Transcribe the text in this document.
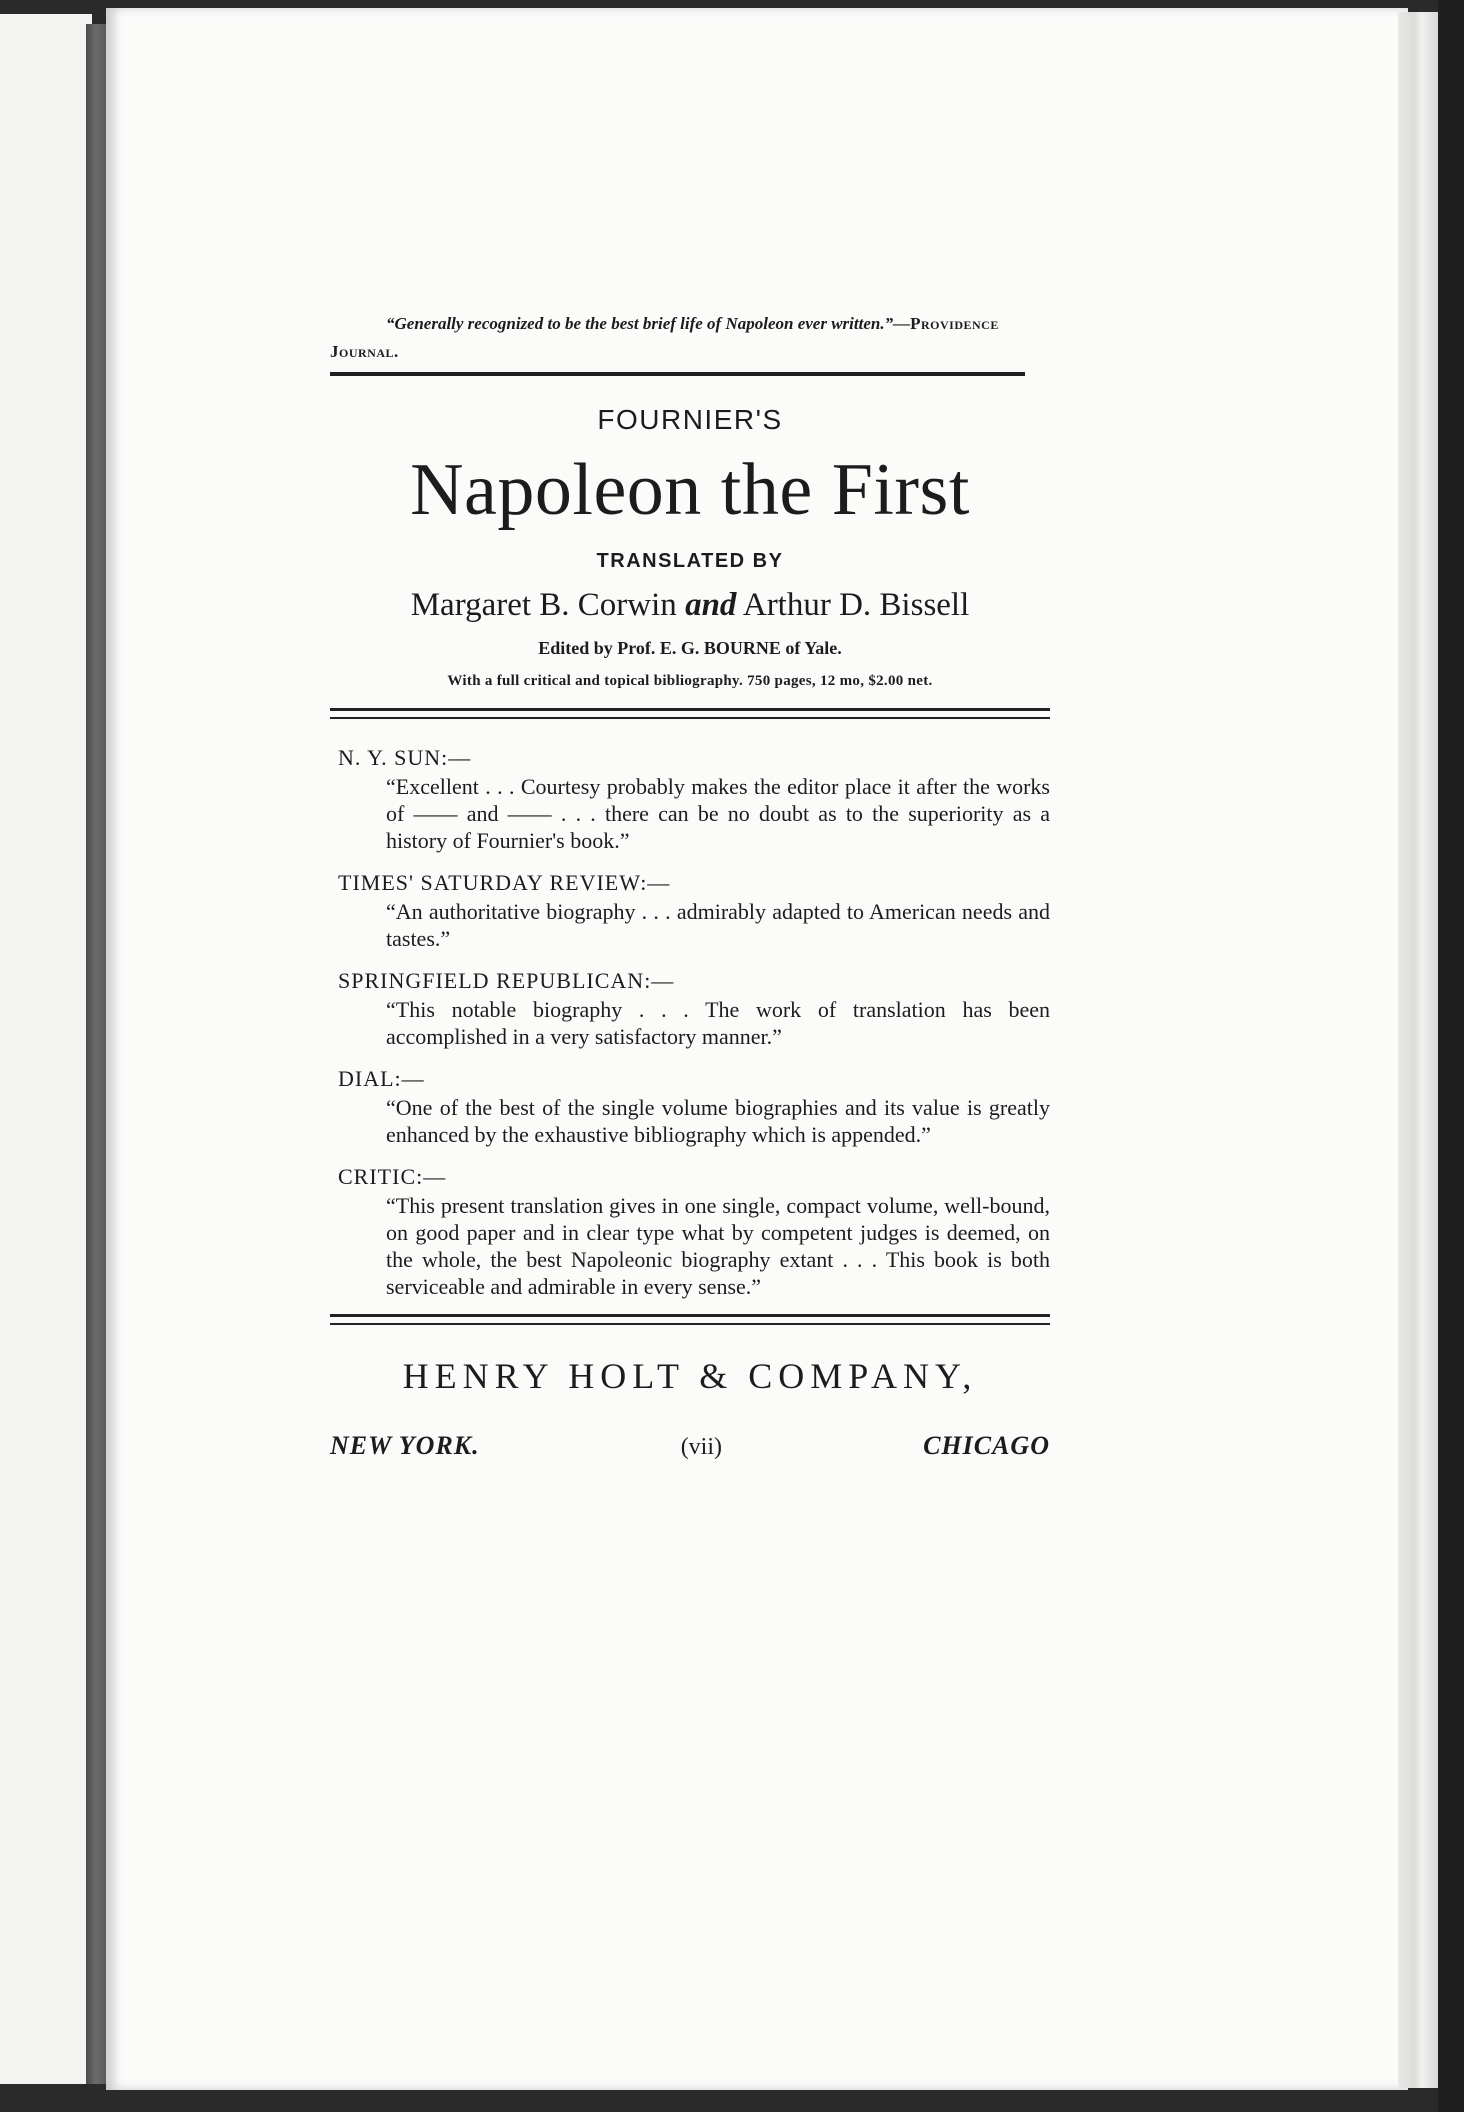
“Generally recognized to be the best brief life of Napoleon ever written.”—Providence Journal.
FOURNIER'S
Napoleon the First
TRANSLATED BY
Margaret B. Corwin and Arthur D. Bissell
Edited by Prof. E. G. BOURNE of Yale.
With a full critical and topical bibliography. 750 pages, 12 mo, $2.00 net.
N. Y. SUN:—
“Excellent . . . Courtesy probably makes the editor place it after the works of —— and —— . . . there can be no doubt as to the superiority as a history of Fournier's book.”
TIMES' SATURDAY REVIEW:—
“An authoritative biography . . . admirably adapted to American needs and tastes.”
SPRINGFIELD REPUBLICAN:—
“This notable biography . . . The work of translation has been accomplished in a very satisfactory manner.”
DIAL:—
“One of the best of the single volume biographies and its value is greatly enhanced by the exhaustive bibliography which is appended.”
CRITIC:—
“This present translation gives in one single, compact volume, well-bound, on good paper and in clear type what by competent judges is deemed, on the whole, the best Napoleonic biography extant . . . This book is both serviceable and admirable in every sense.”
HENRY HOLT & COMPANY,
NEW YORK.	(vii)	CHICAGO
